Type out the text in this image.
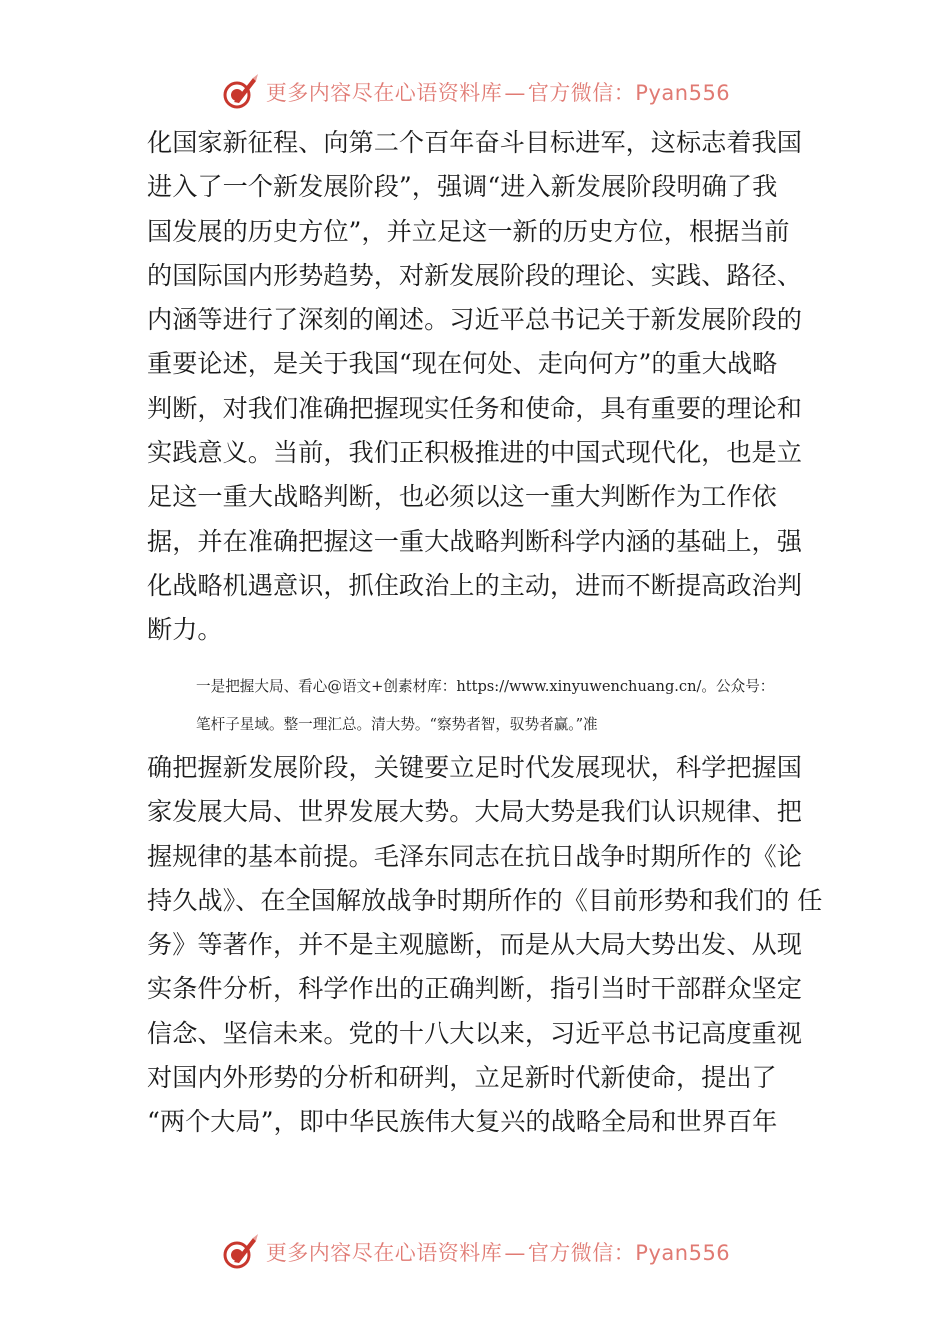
更多内容尽在心语资料库—官方微信：Pyan556
化国家新征程、向第二个百年奋斗目标进军，这标志着我国
进入了一个新发展阶段”，强调“进入新发展阶段明确了我
国发展的历史方位”，并立足这一新的历史方位，根据当前
的国际国内形势趋势，对新发展阶段的理论、实践、路径、
内涵等进行了深刻的阐述。习近平总书记关于新发展阶段的
重要论述，是关于我国“现在何处、走向何方”的重大战略
判断，对我们准确把握现实任务和使命，具有重要的理论和
实践意义。当前，我们正积极推进的中国式现代化，也是立
足这一重大战略判断，也必须以这一重大判断作为工作依
据，并在准确把握这一重大战略判断科学内涵的基础上，强
化战略机遇意识，抓住政治上的主动，进而不断提高政治判
断力。

一是把握大局、看心@语文+创素材库：https://www.xinyuwenchuang.cn/。公众号：

笔杆子星域。整一理汇总。清大势。“察势者智，驭势者赢。”准

确把握新发展阶段，关键要立足时代发展现状，科学把握国
家发展大局、世界发展大势。大局大势是我们认识规律、把
握规律的基本前提。毛泽东同志在抗日战争时期所作的《论
持久战》、在全国解放战争时期所作的《目前形势和我们的 任
务》等著作，并不是主观臆断，而是从大局大势出发、从现
实条件分析，科学作出的正确判断，指引当时干部群众坚定
信念、坚信未来。党的十八大以来，习近平总书记高度重视
对国内外形势的分析和研判，立足新时代新使命，提出了
“两个大局”，即中华民族伟大复兴的战略全局和世界百年
更多内容尽在心语资料库—官方微信：Pyan556
